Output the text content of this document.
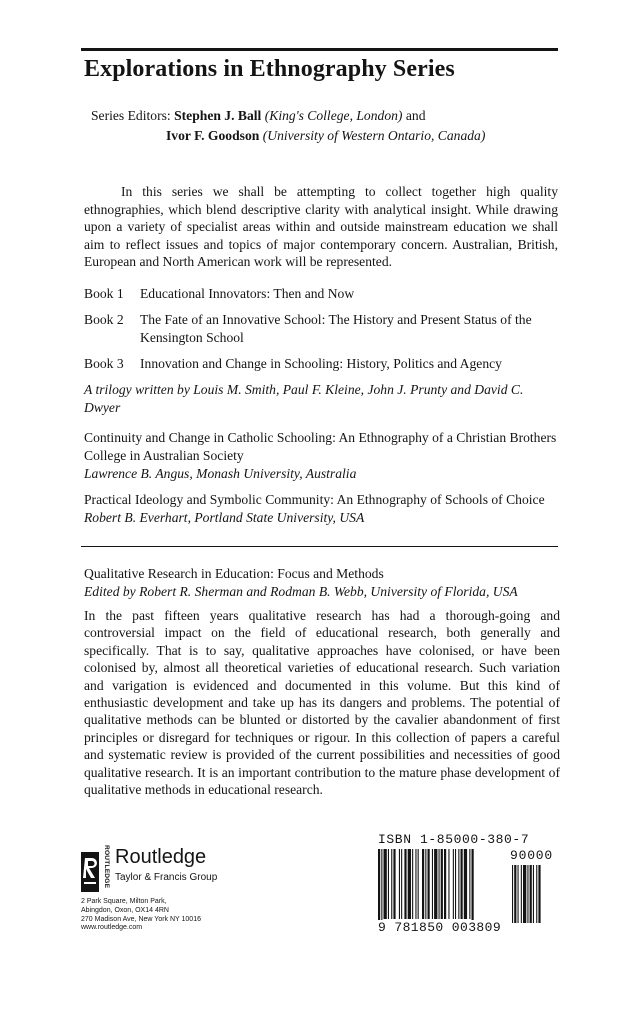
Explorations in Ethnography Series
Series Editors: Stephen J. Ball (King's College, London) and
Ivor F. Goodson (University of Western Ontario, Canada)
In this series we shall be attempting to collect together high quality ethnographies, which blend descriptive clarity with analytical insight. While drawing upon a variety of specialist areas within and outside mainstream education we shall aim to reflect issues and topics of major contemporary concern. Australian, British, European and North American work will be represented.
Book 1	Educational Innovators: Then and Now
Book 2	The Fate of an Innovative School: The History and Present Status of the Kensington School
Book 3	Innovation and Change in Schooling: History, Politics and Agency
A trilogy written by Louis M. Smith, Paul F. Kleine, John J. Prunty and David C. Dwyer
Continuity and Change in Catholic Schooling: An Ethnography of a Christian Brothers College in Australian Society
Lawrence B. Angus, Monash University, Australia
Practical Ideology and Symbolic Community: An Ethnography of Schools of Choice
Robert B. Everhart, Portland State University, USA
Qualitative Research in Education: Focus and Methods
Edited by Robert R. Sherman and Rodman B. Webb, University of Florida, USA
In the past fifteen years qualitative research has had a thorough-going and controversial impact on the field of educational research, both generally and specifically. That is to say, qualitative approaches have colonised, or have been colonised by, almost all theoretical varieties of educational research. Such variation and varigation is evidenced and documented in this volume. But this kind of enthusiastic development and take up has its dangers and problems. The potential of qualitative methods can be blunted or distorted by the cavalier abandonment of first principles or disregard for techniques or rigour. In this collection of papers a careful and systematic review is provided of the current possibilities and necessities of good qualitative research. It is an important contribution to the mature phase development of qualitative methods in educational research.
ROUTLEDGE Routledge
Taylor & Francis Group
2 Park Square, Milton Park,
Abingdon, Oxon, OX14 4RN
270 Madison Ave, New York NY 10016
www.routledge.com
ISBN 1-85000-380-7
90000
9 781850 003809
